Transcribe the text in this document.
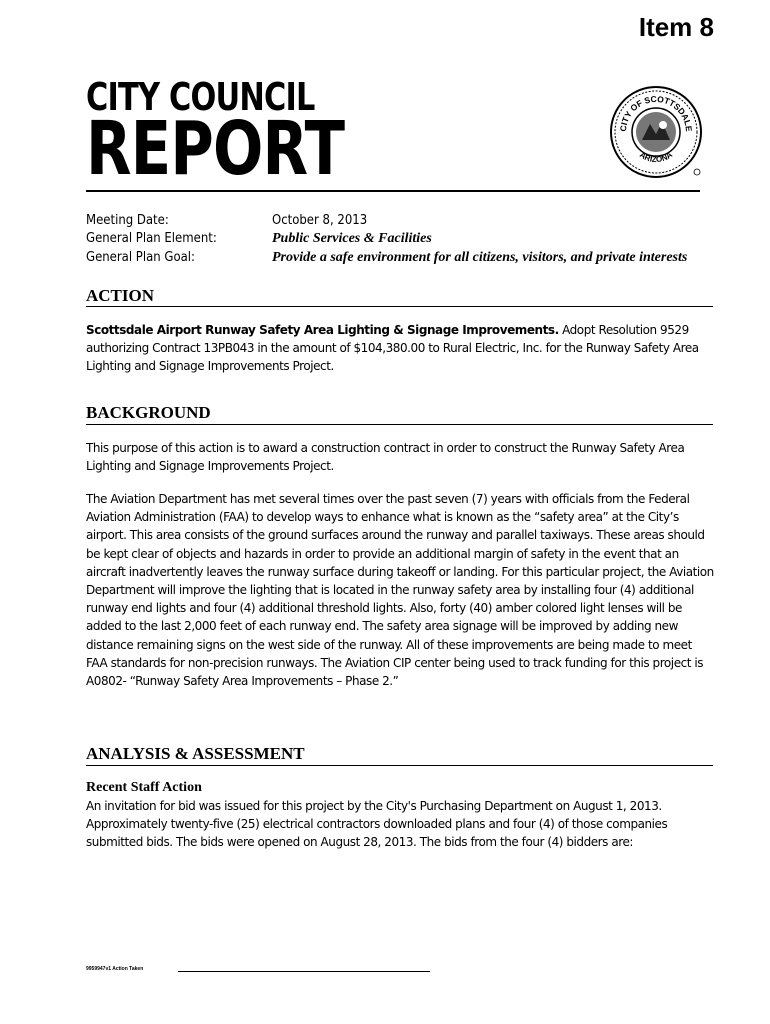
Item 8
CITY COUNCIL
REPORT	CITY OF SCOTTSDALE
ARIZONA
Meeting Date:	October 8, 2013
General Plan Element:	Public Services & Facilities
General Plan Goal:	Provide a safe environment for all citizens, visitors, and private interests
ACTION
Scottsdale Airport Runway Safety Area Lighting & Signage Improvements. Adopt Resolution 9529 authorizing Contract 13PB043 in the amount of $104,380.00 to Rural Electric, Inc. for the Runway Safety Area Lighting and Signage Improvements Project.
BACKGROUND
This purpose of this action is to award a construction contract in order to construct the Runway Safety Area Lighting and Signage Improvements Project.
The Aviation Department has met several times over the past seven (7) years with officials from the Federal Aviation Administration (FAA) to develop ways to enhance what is known as the “safety area” at the City’s airport. This area consists of the ground surfaces around the runway and parallel taxiways. These areas should be kept clear of objects and hazards in order to provide an additional margin of safety in the event that an aircraft inadvertently leaves the runway surface during takeoff or landing. For this particular project, the Aviation Department will improve the lighting that is located in the runway safety area by installing four (4) additional runway end lights and four (4) additional threshold lights. Also, forty (40) amber colored light lenses will be added to the last 2,000 feet of each runway end. The safety area signage will be improved by adding new distance remaining signs on the west side of the runway. All of these improvements are being made to meet FAA standards for non-precision runways. The Aviation CIP center being used to track funding for this project is A0802- “Runway Safety Area Improvements – Phase 2.”
ANALYSIS & ASSESSMENT
Recent Staff Action
An invitation for bid was issued for this project by the City's Purchasing Department on August 1, 2013. Approximately twenty-five (25) electrical contractors downloaded plans and four (4) of those companies submitted bids. The bids were opened on August 28, 2013. The bids from the four (4) bidders are:
9959947v1 Action Taken
